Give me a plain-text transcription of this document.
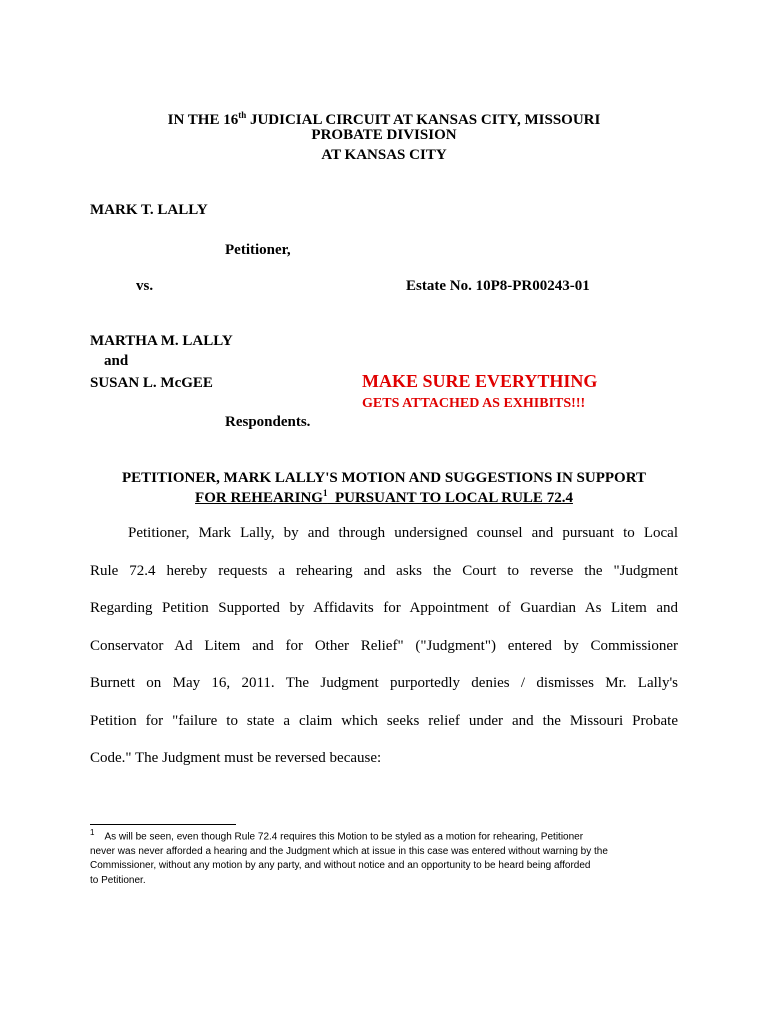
IN THE 16th JUDICIAL CIRCUIT AT KANSAS CITY, MISSOURI
PROBATE DIVISION
AT KANSAS CITY
MARK T. LALLY
Petitioner,
vs.	Estate No. 10P8-PR00243-01
MARTHA M. LALLY
and
SUSAN L. McGEE
Respondents.
MAKE SURE EVERYTHING
GETS ATTACHED AS EXHIBITS!!!
PETITIONER, MARK LALLY'S MOTION AND SUGGESTIONS IN SUPPORT
FOR REHEARING$^1$  PURSUANT TO LOCAL RULE 72.4
Petitioner, Mark Lally, by and through undersigned counsel and pursuant to Local
Rule 72.4 hereby requests a rehearing and asks the Court to reverse the "Judgment
Regarding Petition Supported by Affidavits for Appointment of Guardian As Litem and
Conservator Ad Litem and for Other Relief" ("Judgment") entered by Commissioner
Burnett on May 16, 2011. The Judgment purportedly denies / dismisses Mr. Lally's
Petition for "failure to state a claim which seeks relief under and the Missouri Probate
Code." The Judgment must be reversed because:
$^1$ As will be seen, even though Rule 72.4 requires this Motion to be styled as a motion for rehearing, Petitioner
never was never afforded a hearing and the Judgment which at issue in this case was entered without warning by the
Commissioner, without any motion by any party, and without notice and an opportunity to be heard being afforded
to Petitioner.
